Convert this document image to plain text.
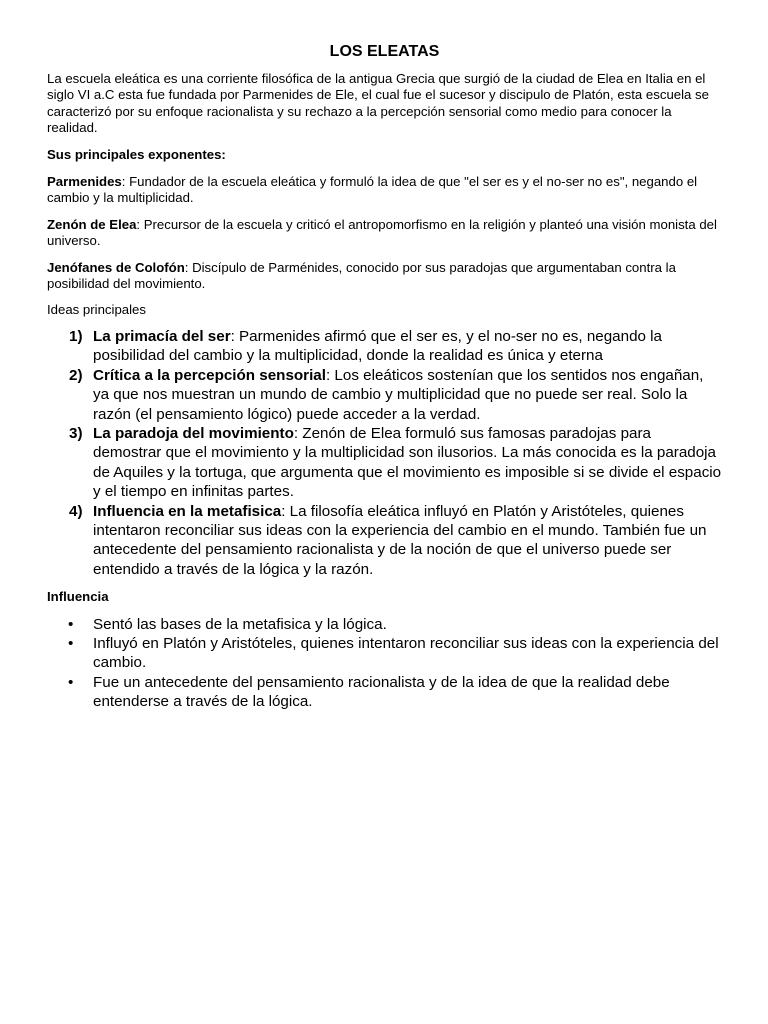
LOS ELEATAS

La escuela eleática es una corriente filosófica de la antigua Grecia que surgió de la ciudad de Elea en Italia en el siglo VI a.C esta fue fundada por Parmenides de Ele, el cual fue el sucesor y discipulo de Platón, esta escuela se caracterizó por su enfoque racionalista y su rechazo a la percepción sensorial como medio para conocer la realidad.

Sus principales exponentes:

Parmenides: Fundador de la escuela eleática y formuló la idea de que "el ser es y el no-ser no es", negando el cambio y la multiplicidad.

Zenón de Elea: Precursor de la escuela y criticó el antropomorfismo en la religión y planteó una visión monista del universo.

Jenófanes de Colofón: Discípulo de Parménides, conocido por sus paradojas que argumentaban contra la posibilidad del movimiento.

Ideas principales

1) La primacía del ser: Parmenides afirmó que el ser es, y el no-ser no es, negando la posibilidad del cambio y la multiplicidad, donde la realidad es única y eterna
2) Crítica a la percepción sensorial: Los eleáticos sostenían que los sentidos nos engañan, ya que nos muestran un mundo de cambio y multiplicidad que no puede ser real. Solo la razón (el pensamiento lógico) puede acceder a la verdad.
3) La paradoja del movimiento: Zenón de Elea formuló sus famosas paradojas para demostrar que el movimiento y la multiplicidad son ilusorios. La más conocida es la paradoja de Aquiles y la tortuga, que argumenta que el movimiento es imposible si se divide el espacio y el tiempo en infinitas partes.
4) Influencia en la metafisica: La filosofía eleática influyó en Platón y Aristóteles, quienes intentaron reconciliar sus ideas con la experiencia del cambio en el mundo. También fue un antecedente del pensamiento racionalista y de la noción de que el universo puede ser entendido a través de la lógica y la razón.
Influencia
• Sentó las bases de la metafisica y la lógica.
• Influyó en Platón y Aristóteles, quienes intentaron reconciliar sus ideas con la experiencia del cambio.
• Fue un antecedente del pensamiento racionalista y de la idea de que la realidad debe entenderse a través de la lógica.
